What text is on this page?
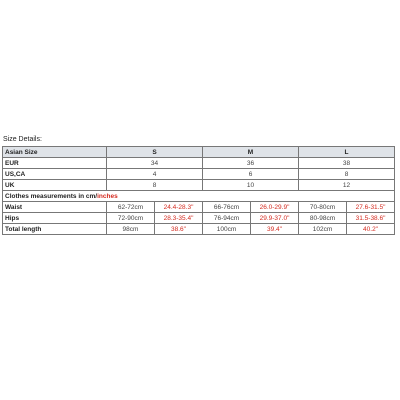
Size Details:
Asian Size	S		M		L	
EUR	34		36		38	
US,CA	4		6		8	
UK	8		10		12	
Clothes measurements in cm/inches						
Waist	62-72cm	24.4-28.3"	66-76cm	26.0-29.9"	70-80cm	27.6-31.5"
Hips	72-90cm	28.3-35.4"	76-94cm	29.9-37.0"	80-98cm	31.5-38.6"
Total length	98cm	38.6"	100cm	39.4"	102cm	40.2"
